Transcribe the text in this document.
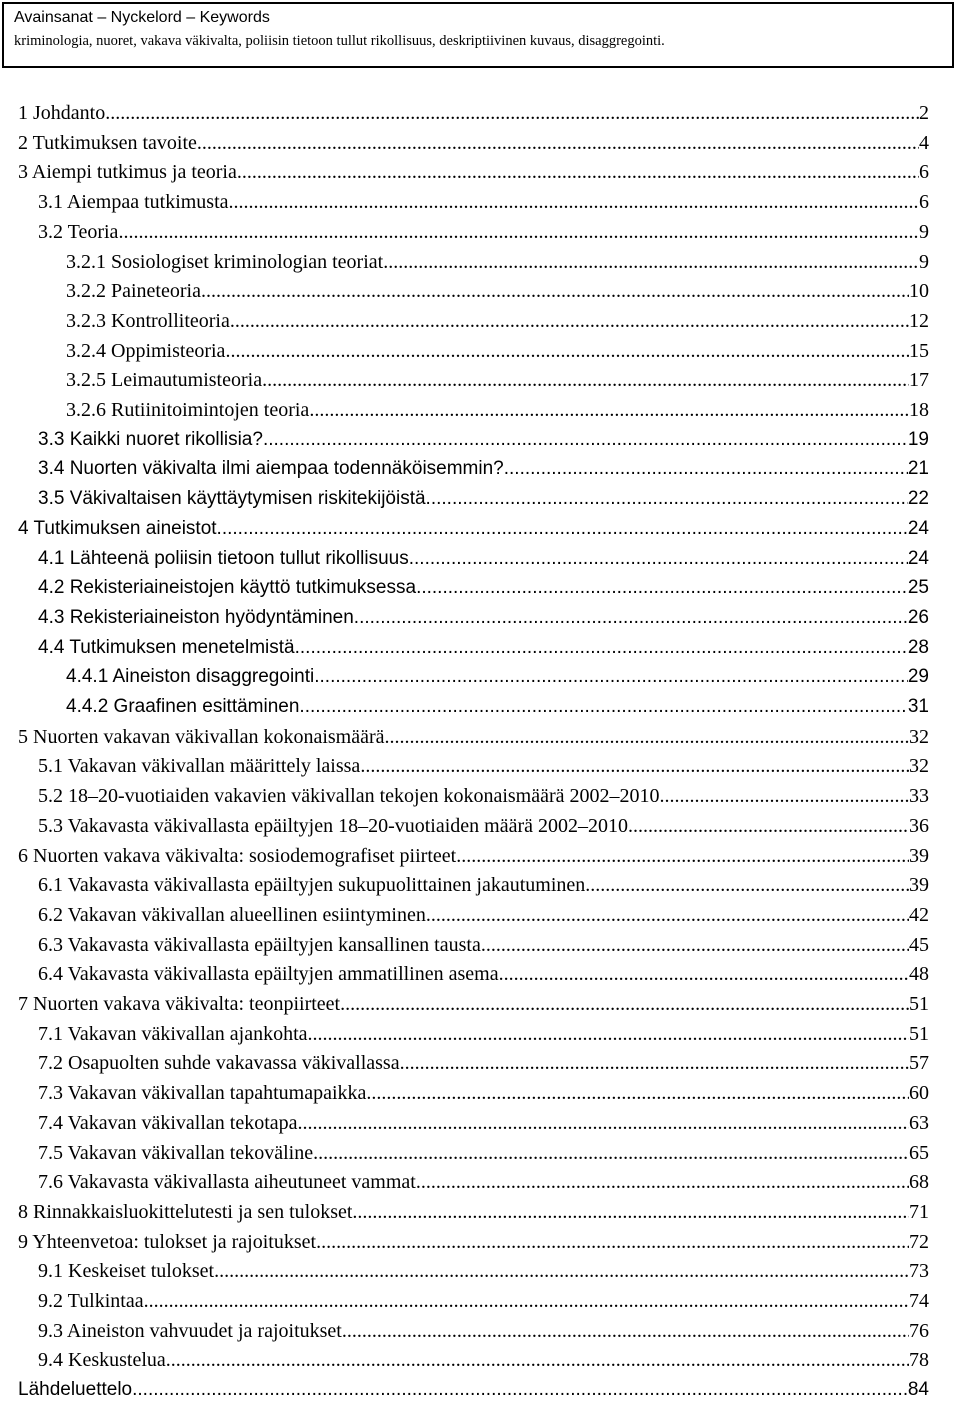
Avainsanat – Nyckelord – Keywords
kriminologia, nuoret, vakava väkivalta, poliisin tietoon tullut rikollisuus, deskriptiivinen kuvaus, disaggregointi.
1 Johdanto .....	2
2 Tutkimuksen tavoite .....	4
3 Aiempi tutkimus ja teoria .....	6
3.1 Aiempaa tutkimusta .....	6
3.2 Teoria .....	9
3.2.1 Sosiologiset kriminologian teoriat .....	9
3.2.2 Paineteoria .....	10
3.2.3 Kontrolliteoria .....	12
3.2.4 Oppimisteoria .....	15
3.2.5 Leimautumisteoria .....	17
3.2.6 Rutiinitoimintojen teoria .....	18
3.3 Kaikki nuoret rikollisia? .....	19
3.4 Nuorten väkivalta ilmi aiempaa todennäköisemmin? .....	21
3.5 Väkivaltaisen käyttäytymisen riskitekijöistä .....	22
4 Tutkimuksen aineistot .....	24
4.1 Lähteenä poliisin tietoon tullut rikollisuus .....	24
4.2 Rekisteriaineistojen käyttö tutkimuksessa .....	25
4.3 Rekisteriaineiston hyödyntäminen .....	26
4.4 Tutkimuksen menetelmistä .....	28
4.4.1 Aineiston disaggregointi .....	29
4.4.2 Graafinen esittäminen .....	31
5 Nuorten vakavan väkivallan kokonaismäärä .....	32
5.1 Vakavan väkivallan määrittely laissa .....	32
5.2 18–20-vuotiaiden vakavien väkivallan tekojen kokonaismäärä 2002–2010 .....	33
5.3 Vakavasta väkivallasta epäiltyjen 18–20-vuotiaiden määrä 2002–2010 .....	36
6 Nuorten vakava väkivalta: sosiodemografiset piirteet .....	39
6.1 Vakavasta väkivallasta epäiltyjen sukupuolittainen jakautuminen .....	39
6.2 Vakavan väkivallan alueellinen esiintyminen .....	42
6.3 Vakavasta väkivallasta epäiltyjen kansallinen tausta .....	45
6.4 Vakavasta väkivallasta epäiltyjen ammatillinen asema .....	48
7 Nuorten vakava väkivalta: teonpiirteet .....	51
7.1 Vakavan väkivallan ajankohta .....	51
7.2 Osapuolten suhde vakavassa väkivallassa .....	57
7.3 Vakavan väkivallan tapahtumapaikka .....	60
7.4 Vakavan väkivallan tekotapa .....	63
7.5 Vakavan väkivallan tekoväline .....	65
7.6 Vakavasta väkivallasta aiheutuneet vammat .....	68
8 Rinnakkaisluokittelutesti ja sen tulokset .....	71
9 Yhteenvetoa: tulokset ja rajoitukset .....	72
9.1 Keskeiset tulokset .....	73
9.2 Tulkintaa .....	74
9.3 Aineiston vahvuudet ja rajoitukset .....	76
9.4 Keskustelua .....	78
Lähdeluettelo .....	84
